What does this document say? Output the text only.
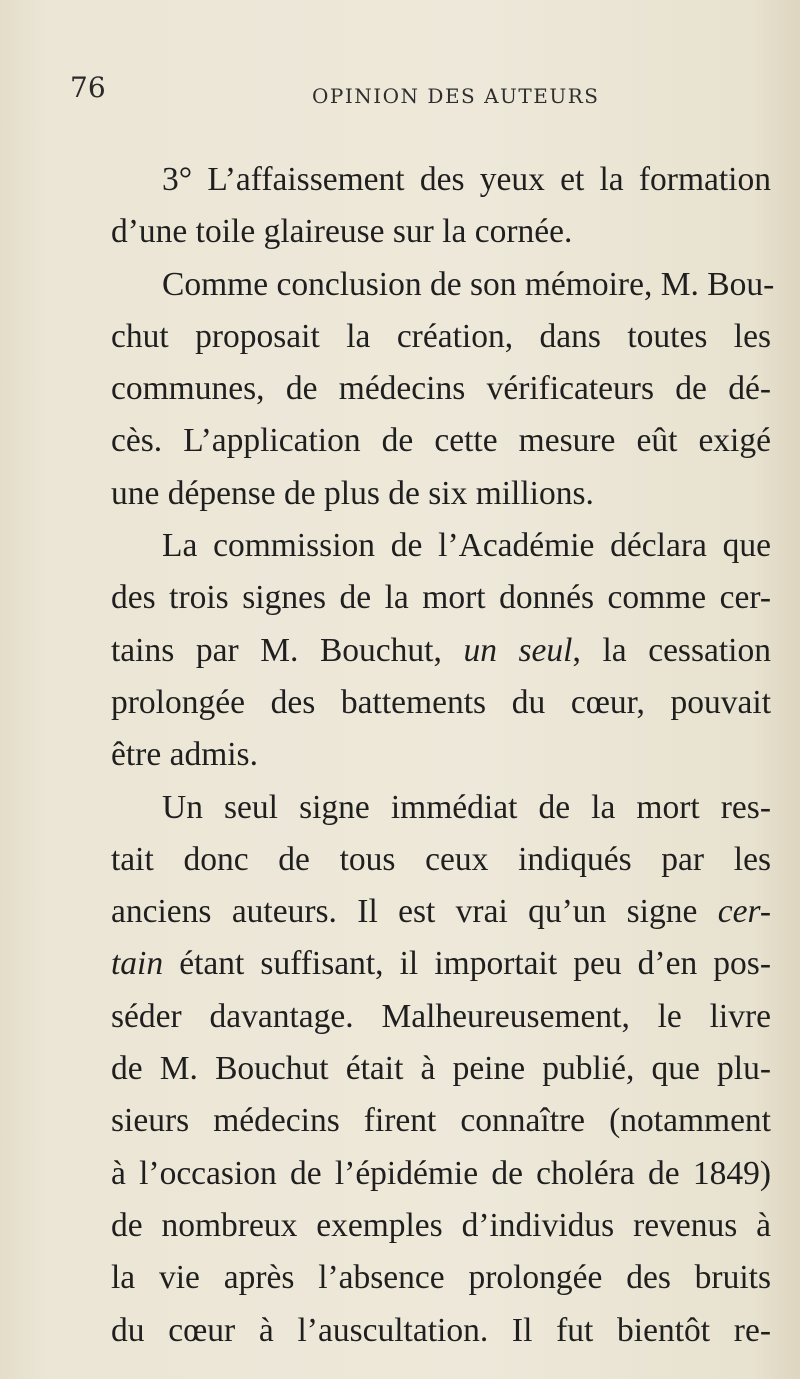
76	OPINION DES AUTEURS
3° L’affaissement des yeux et la formation
d’une toile glaireuse sur la cornée.
Comme conclusion de son mémoire, M. Bou-
chut proposait la création, dans toutes les
communes, de médecins vérificateurs de dé-
cès. L’application de cette mesure eût exigé
une dépense de plus de six millions.
La commission de l’Académie déclara que
des trois signes de la mort donnés comme cer-
tains par M. Bouchut, un seul, la cessation
prolongée des battements du cœur, pouvait
être admis.
Un seul signe immédiat de la mort res-
tait donc de tous ceux indiqués par les
anciens auteurs. Il est vrai qu’un signe cer-
tain étant suffisant, il importait peu d’en pos-
séder davantage. Malheureusement, le livre
de M. Bouchut était à peine publié, que plu-
sieurs médecins firent connaître (notamment
à l’occasion de l’épidémie de choléra de 1849)
de nombreux exemples d’individus revenus à
la vie après l’absence prolongée des bruits
du cœur à l’auscultation. Il fut bientôt re-
